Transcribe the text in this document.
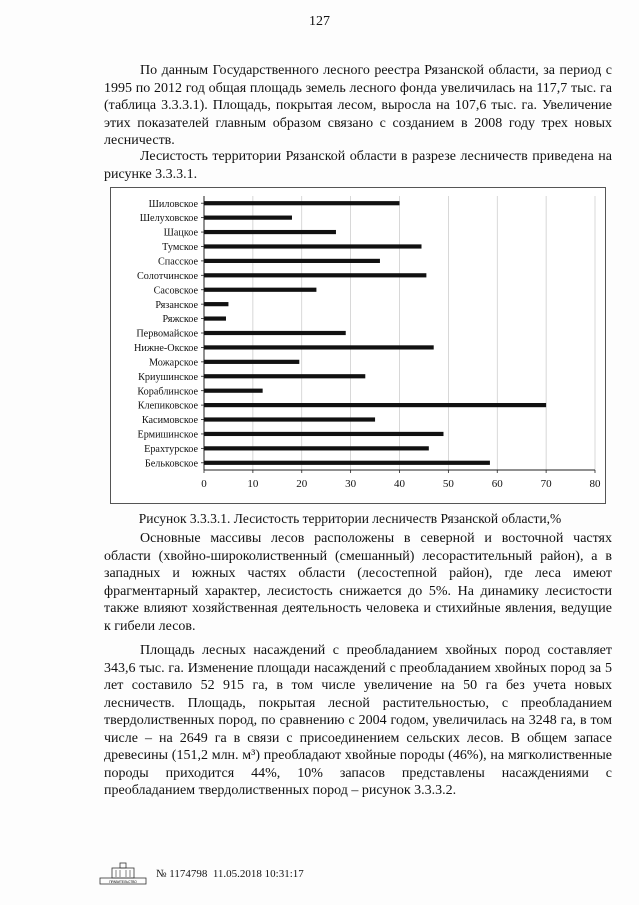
127

По данным Государственного лесного реестра Рязанской области, за период с 1995 по 2012 год общая площадь земель лесного фонда увеличилась на 117,7 тыс. га (таблица 3.3.3.1). Площадь, покрытая лесом, выросла на 107,6 тыс. га. Увеличение этих показателей главным образом связано с созданием в 2008 году трех новых лесничеств.

Лесистость территории Рязанской области в разрезе лесничеств приведена на рисунке 3.3.3.1.

0	10	20	30	40	50	60	70	80
Шиловское
Шелуховское
Шацкое
Тумское
Спасское
Солотчинское
Сасовское
Рязанское
Ряжское
Первомайское
Нижне-Окское
Можарское
Криушинское
Кораблинское
Клепиковское
Касимовское
Ермишинское
Ерахтурское
Бельковское
Рисунок 3.3.3.1. Лесистость территории лесничеств Рязанской области,%

Основные массивы лесов расположены в северной и восточной частях области (хвойно-широколиственный (смешанный) лесорастительный район), а в западных и южных частях области (лесостепной район), где леса имеют фрагментарный характер, лесистость снижается до 5%. На динамику лесистости также влияют хозяйственная деятельность человека и стихийные явления, ведущие к гибели лесов.

Площадь лесных насаждений с преобладанием хвойных пород составляет 343,6 тыс. га. Изменение площади насаждений с преобладанием хвойных пород за 5 лет составило 52 915 га, в том числе увеличение на 50 га без учета новых лесничеств. Площадь, покрытая лесной растительностью, с преобладанием твердолиственных пород, по сравнению с 2004 годом, увеличилась на 3248 га, в том числе – на 2649 га в связи с присоединением сельских лесов. В общем запасе древесины (151,2 млн. м³) преобладают хвойные породы (46%), на мягколиственные породы приходится 44%, 10% запасов представлены насаждениями с преобладанием твердолиственных пород – рисунок 3.3.3.2.

ПРАВИТЕЛЬСТВО
№ 1174798
11.05.2018 10:31:17
